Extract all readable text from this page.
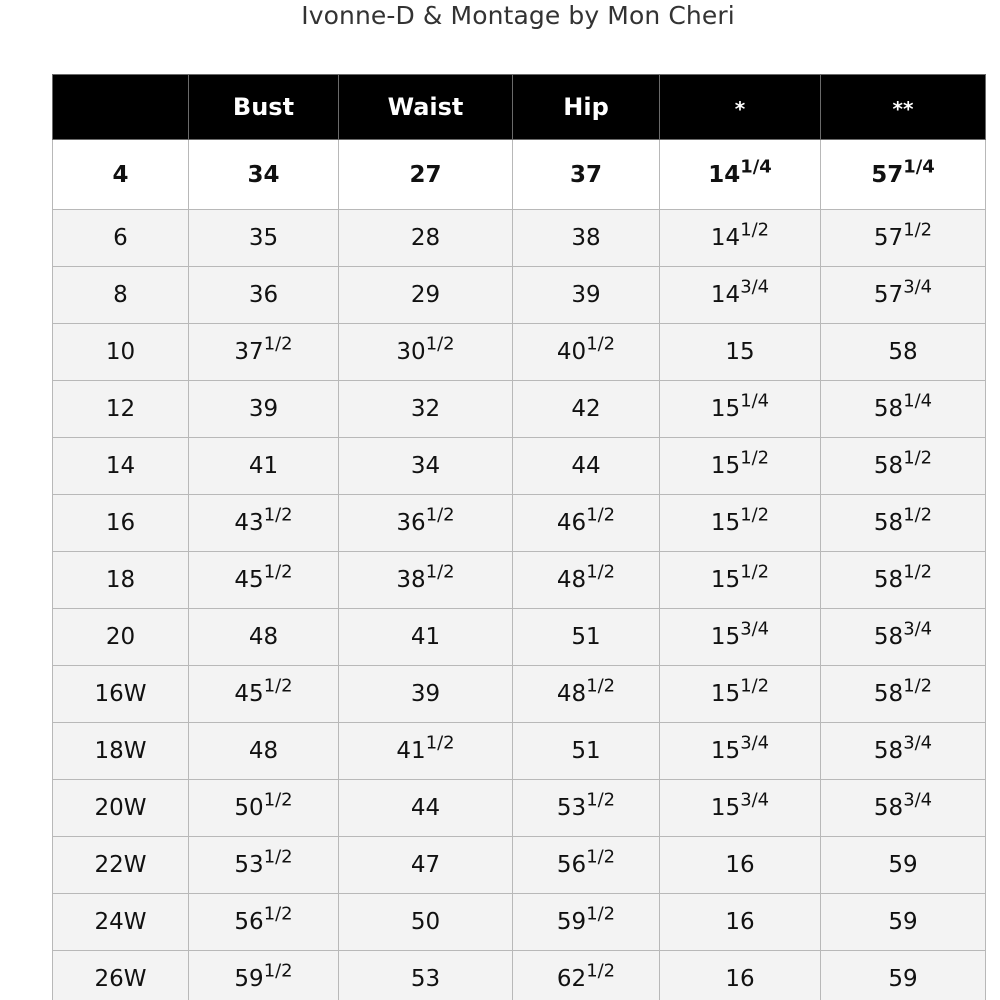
Ivonne-D & Montage by Mon Cheri
	Bust	Waist	Hip	*	**
4	34	27	37	$14^{1/4}$	$57^{1/4}$
6	35	28	38	$14^{1/2}$	$57^{1/2}$
8	36	29	39	$14^{3/4}$	$57^{3/4}$
10	$37^{1/2}$	$30^{1/2}$	$40^{1/2}$	15	58
12	39	32	42	$15^{1/4}$	$58^{1/4}$
14	41	34	44	$15^{1/2}$	$58^{1/2}$
16	$43^{1/2}$	$36^{1/2}$	$46^{1/2}$	$15^{1/2}$	$58^{1/2}$
18	$45^{1/2}$	$38^{1/2}$	$48^{1/2}$	$15^{1/2}$	$58^{1/2}$
20	48	41	51	$15^{3/4}$	$58^{3/4}$
16W	$45^{1/2}$	39	$48^{1/2}$	$15^{1/2}$	$58^{1/2}$
18W	48	$41^{1/2}$	51	$15^{3/4}$	$58^{3/4}$
20W	$50^{1/2}$	44	$53^{1/2}$	$15^{3/4}$	$58^{3/4}$
22W	$53^{1/2}$	47	$56^{1/2}$	16	59
24W	$56^{1/2}$	50	$59^{1/2}$	16	59
26W	$59^{1/2}$	53	$62^{1/2}$	16	59
